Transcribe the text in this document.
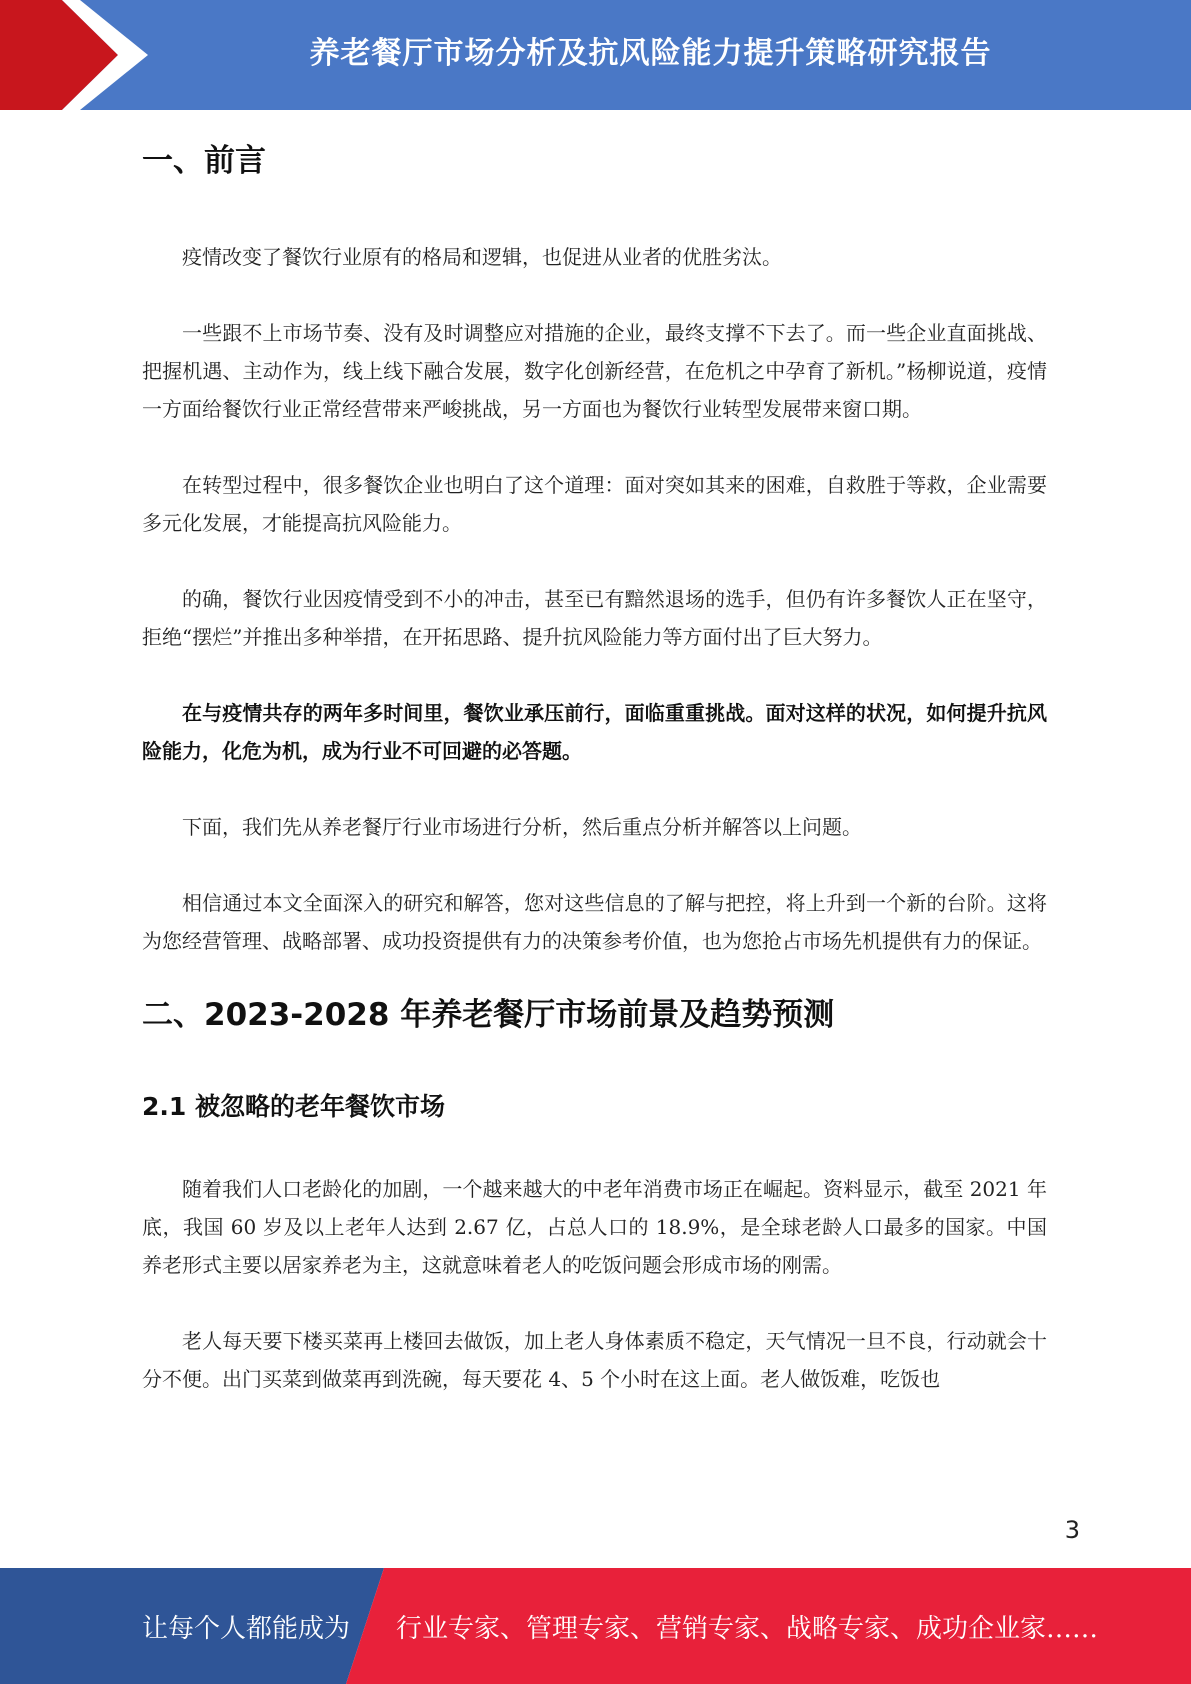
养老餐厅市场分析及抗风险能力提升策略研究报告
一、前言

疫情改变了餐饮行业原有的格局和逻辑，也促进从业者的优胜劣汰。

一些跟不上市场节奏、没有及时调整应对措施的企业，最终支撑不下去了。而一些企业直面挑战、把握机遇、主动作为，线上线下融合发展，数字化创新经营，在危机之中孕育了新机。”杨柳说道，疫情一方面给餐饮行业正常经营带来严峻挑战，另一方面也为餐饮行业转型发展带来窗口期。

在转型过程中，很多餐饮企业也明白了这个道理：面对突如其来的困难，自救胜于等救，企业需要多元化发展，才能提高抗风险能力。

的确，餐饮行业因疫情受到不小的冲击，甚至已有黯然退场的选手，但仍有许多餐饮人正在坚守，拒绝“摆烂”并推出多种举措，在开拓思路、提升抗风险能力等方面付出了巨大努力。

在与疫情共存的两年多时间里，餐饮业承压前行，面临重重挑战。面对这样的状况，如何提升抗风险能力，化危为机，成为行业不可回避的必答题。

下面，我们先从养老餐厅行业市场进行分析，然后重点分析并解答以上问题。

相信通过本文全面深入的研究和解答，您对这些信息的了解与把控，将上升到一个新的台阶。这将为您经营管理、战略部署、成功投资提供有力的决策参考价值，也为您抢占市场先机提供有力的保证。

二、2023-2028 年养老餐厅市场前景及趋势预测
2.1 被忽略的老年餐饮市场

随着我们人口老龄化的加剧，一个越来越大的中老年消费市场正在崛起。资料显示，截至 2021 年底，我国 60 岁及以上老年人达到 2.67 亿，占总人口的 18.9%，是全球老龄人口最多的国家。中国养老形式主要以居家养老为主，这就意味着老人的吃饭问题会形成市场的刚需。

老人每天要下楼买菜再上楼回去做饭，加上老人身体素质不稳定，天气情况一旦不良，行动就会十分不便。出门买菜到做菜再到洗碗，每天要花 4、5 个小时在这上面。老人做饭难，吃饭也

3
让每个人都能成为 行业专家、管理专家、营销专家、战略专家、成功企业家……
